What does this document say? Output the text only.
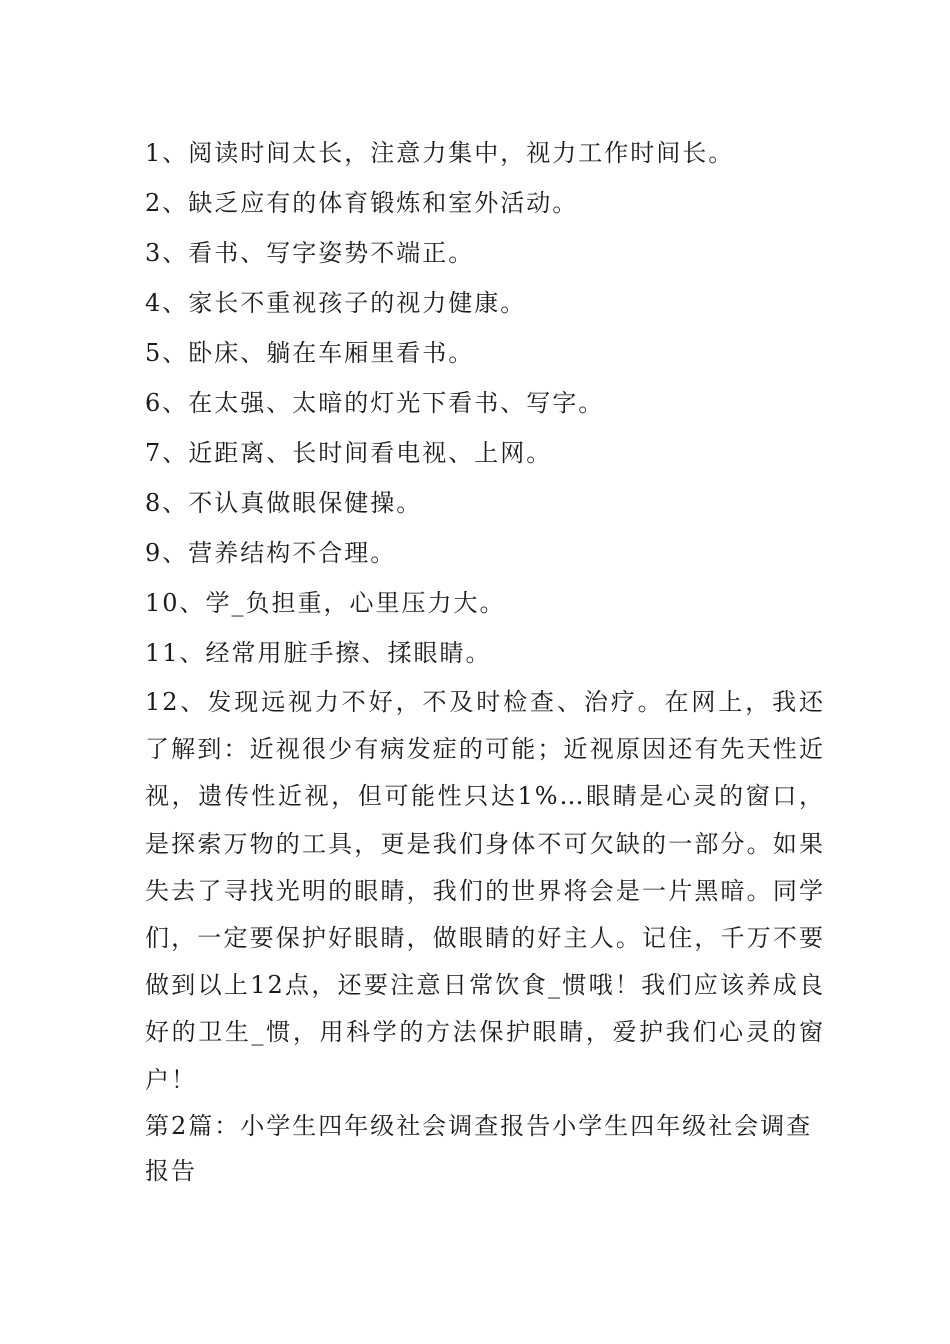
1、阅读时间太长，注意力集中，视力工作时间长。

2、缺乏应有的体育锻炼和室外活动。

3、看书、写字姿势不端正。

4、家长不重视孩子的视力健康。

5、卧床、躺在车厢里看书。

6、在太强、太暗的灯光下看书、写字。

7、近距离、长时间看电视、上网。

8、不认真做眼保健操。

9、营养结构不合理。

10、学_负担重，心里压力大。

11、经常用脏手擦、揉眼睛。

12、发现远视力不好，不及时检查、治疗。在网上，我还了解到：近视很少有病发症的可能；近视原因还有先天性近视，遗传性近视，但可能性只达1%…眼睛是心灵的窗口，是探索万物的工具，更是我们身体不可欠缺的一部分。如果失去了寻找光明的眼睛，我们的世界将会是一片黑暗。同学们，一定要保护好眼睛，做眼睛的好主人。记住，千万不要做到以上12点，还要注意日常饮食_惯哦！我们应该养成良好的卫生_惯，用科学的方法保护眼睛，爱护我们心灵的窗户！

第2篇：小学生四年级社会调查报告小学生四年级社会调查报告
